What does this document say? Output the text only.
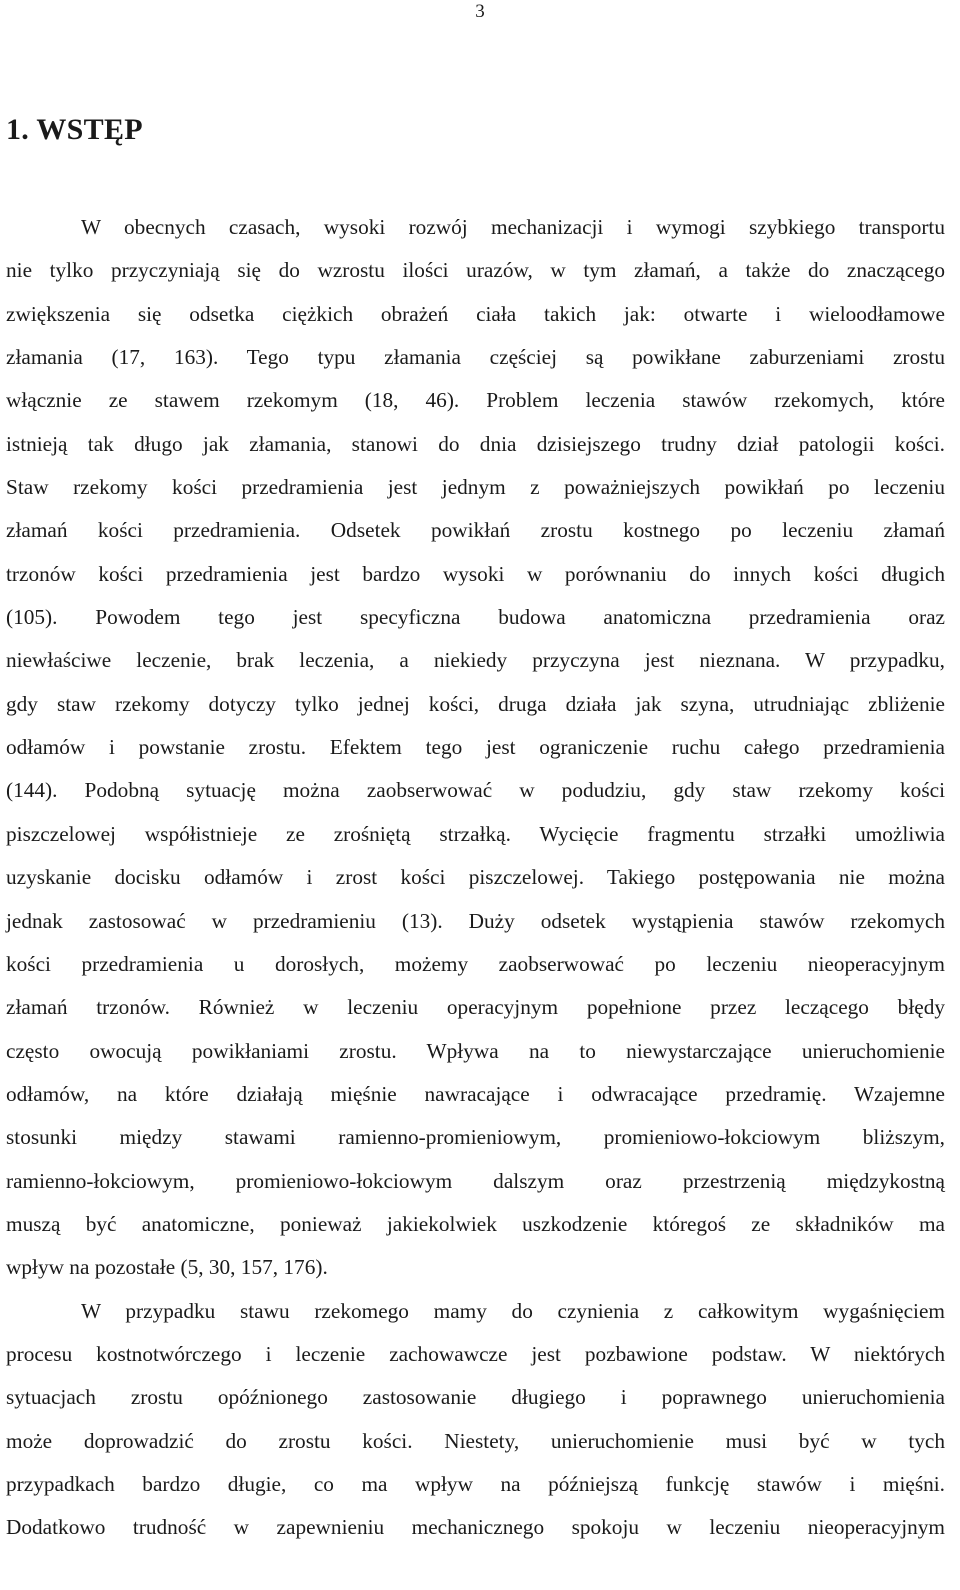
3
1. WSTĘP
W obecnych czasach, wysoki rozwój mechanizacji i wymogi szybkiego transportu
nie tylko przyczyniają się do wzrostu ilości urazów, w tym złamań, a także do znaczącego
zwiększenia się odsetka ciężkich obrażeń ciała takich jak: otwarte i wieloodłamowe
złamania (17, 163). Tego typu złamania częściej są powikłane zaburzeniami zrostu
włącznie ze stawem rzekomym (18, 46). Problem leczenia stawów rzekomych, które
istnieją tak długo jak złamania, stanowi do dnia dzisiejszego trudny dział patologii kości.
Staw rzekomy kości przedramienia jest jednym z poważniejszych powikłań po leczeniu
złamań kości przedramienia. Odsetek powikłań zrostu kostnego po leczeniu złamań
trzonów kości przedramienia jest bardzo wysoki w porównaniu do innych kości długich
(105). Powodem tego jest specyficzna budowa anatomiczna przedramienia oraz
niewłaściwe leczenie, brak leczenia, a niekiedy przyczyna jest nieznana. W przypadku,
gdy staw rzekomy dotyczy tylko jednej kości, druga działa jak szyna, utrudniając zbliżenie
odłamów i powstanie zrostu. Efektem tego jest ograniczenie ruchu całego przedramienia
(144). Podobną sytuację można zaobserwować w podudziu, gdy staw rzekomy kości
piszczelowej współistnieje ze zrośniętą strzałką. Wycięcie fragmentu strzałki umożliwia
uzyskanie docisku odłamów i zrost kości piszczelowej. Takiego postępowania nie można
jednak zastosować w przedramieniu (13). Duży odsetek wystąpienia stawów rzekomych
kości przedramienia u dorosłych, możemy zaobserwować po leczeniu nieoperacyjnym
złamań trzonów. Również w leczeniu operacyjnym popełnione przez leczącego błędy
często owocują powikłaniami zrostu. Wpływa na to niewystarczające unieruchomienie
odłamów, na które działają mięśnie nawracające i odwracające przedramię. Wzajemne
stosunki między stawami ramienno-promieniowym, promieniowo-łokciowym bliższym,
ramienno-łokciowym, promieniowo-łokciowym dalszym oraz przestrzenią międzykostną
muszą być anatomiczne, ponieważ jakiekolwiek uszkodzenie któregoś ze składników ma
wpływ na pozostałe (5, 30, 157, 176).
W przypadku stawu rzekomego mamy do czynienia z całkowitym wygaśnięciem
procesu kostnotwórczego i leczenie zachowawcze jest pozbawione podstaw. W niektórych
sytuacjach zrostu opóźnionego zastosowanie długiego i poprawnego unieruchomienia
może doprowadzić do zrostu kości. Niestety, unieruchomienie musi być w tych
przypadkach bardzo długie, co ma wpływ na późniejszą funkcję stawów i mięśni.
Dodatkowo trudność w zapewnieniu mechanicznego spokoju w leczeniu nieoperacyjnym
